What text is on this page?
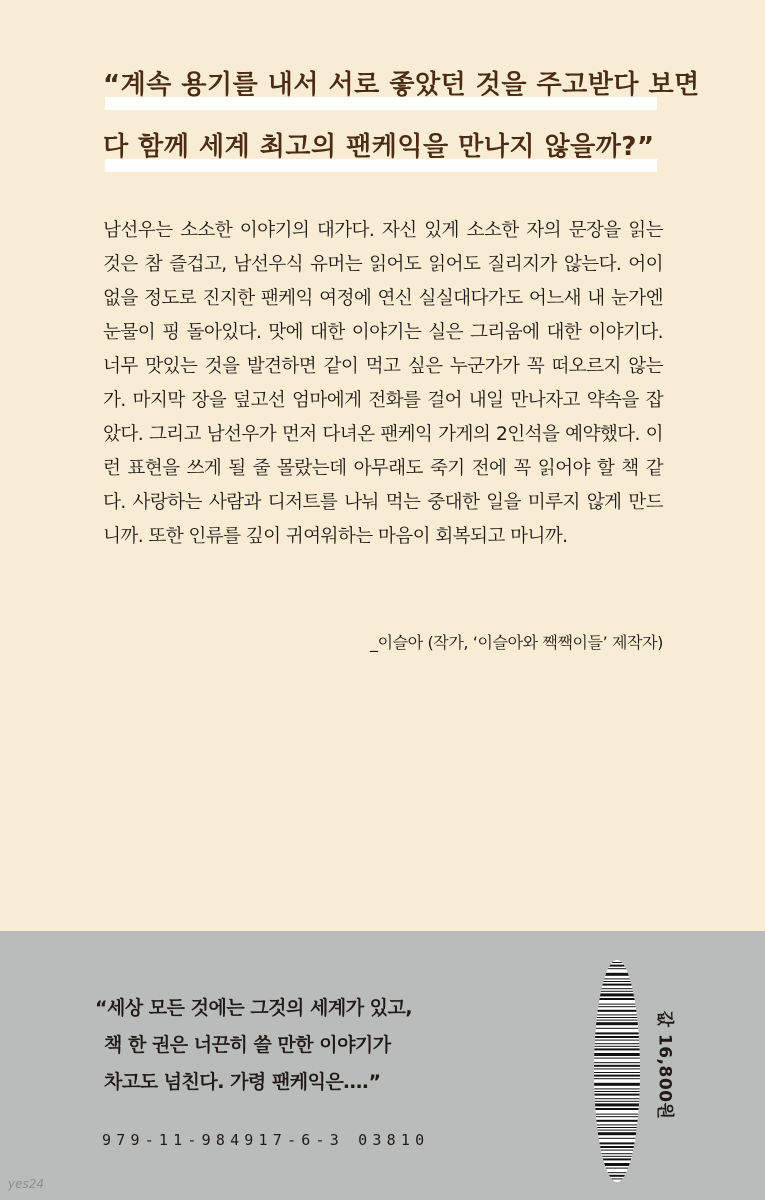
“계속 용기를 내서 서로 좋았던 것을 주고받다 보면
다 함께 세계 최고의 팬케익을 만나지 않을까?”

남선우는 소소한 이야기의 대가다. 자신 있게 소소한 자의 문장을 읽는 것은 참 즐겁고, 남선우식 유머는 읽어도 읽어도 질리지가 않는다. 어이없을 정도로 진지한 팬케익 여정에 연신 실실대다가도 어느새 내 눈가엔 눈물이 핑 돌아있다. 맛에 대한 이야기는 실은 그리움에 대한 이야기다. 너무 맛있는 것을 발견하면 같이 먹고 싶은 누군가가 꼭 떠오르지 않는가. 마지막 장을 덮고선 엄마에게 전화를 걸어 내일 만나자고 약속을 잡았다. 그리고 남선우가 먼저 다녀온 팬케익 가게의 2인석을 예약했다. 이런 표현을 쓰게 될 줄 몰랐는데 아무래도 죽기 전에 꼭 읽어야 할 책 같다. 사랑하는 사람과 디저트를 나눠 먹는 중대한 일을 미루지 않게 만드니까. 또한 인류를 깊이 귀여워하는 마음이 회복되고 마니까.

_이슬아 (작가, ‘이슬아와 짹짹이들’ 제작자)
“세상 모든 것에는 그것의 세계가 있고,
책 한 권은 너끈히 쓸 만한 이야기가
차고도 넘친다. 가령 팬케익은….”
979-11-984917-6-3 03810
값 16,800원
yes24
